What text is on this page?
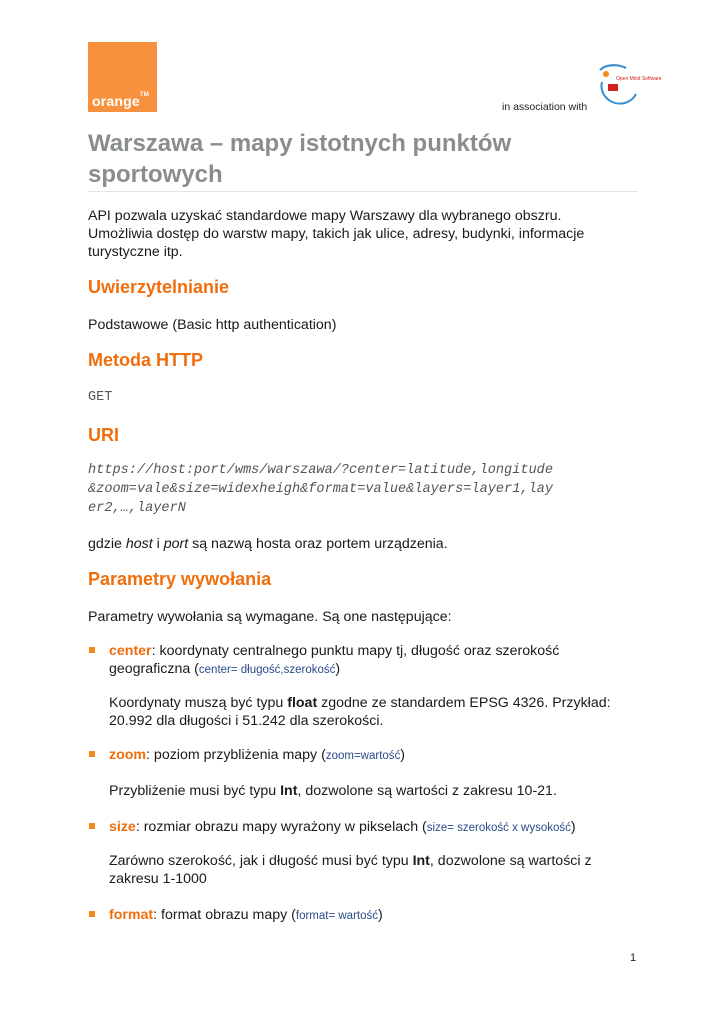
orange™
in association with
Open Mind Software
Warszawa – mapy istotnych punktów sportowych
API pozwala uzyskać standardowe mapy Warszawy dla wybranego obszru.
Umożliwia dostęp do warstw mapy, takich jak ulice, adresy, budynki, informacje
turystyczne itp.
Uwierzytelnianie
Podstawowe (Basic http authentication)
Metoda HTTP
GET
URI
https://host:port/wms/warszawa/?center=latitude,longitude
&zoom=vale&size=widexheigh&format=value&layers=layer1,lay
er2,…,layerN
gdzie host i port są nazwą hosta oraz portem urządzenia.
Parametry wywołania
Parametry wywołania są wymagane. Są one następujące:
center: koordynaty centralnego punktu mapy tj, długość oraz szerokość
geograficzna (center= długość,szerokość)
Koordynaty muszą być typu float zgodne ze standardem EPSG 4326. Przykład:
20.992 dla długości i 51.242 dla szerokości.
zoom: poziom przybliżenia mapy (zoom=wartość)
Przybliżenie musi być typu Int, dozwolone są wartości z zakresu 10-21.
size: rozmiar obrazu mapy wyrażony w pikselach (size= szerokość x wysokość)
Zarówno szerokość, jak i długość musi być typu Int, dozwolone są wartości z
zakresu 1-1000
format: format obrazu mapy (format= wartość)
1
